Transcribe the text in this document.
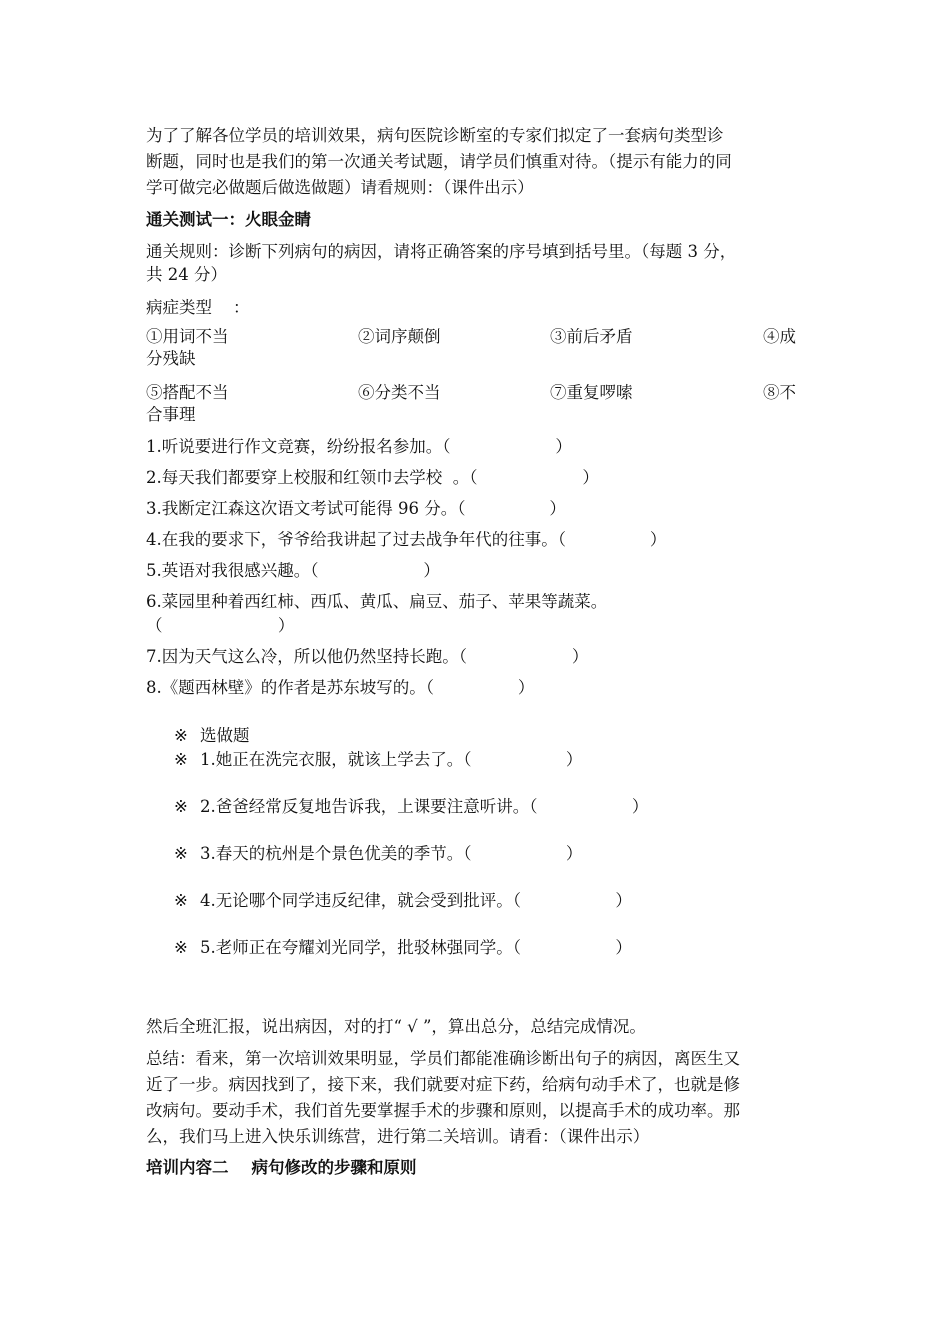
为了了解各位学员的培训效果，病句医院诊断室的专家们拟定了一套病句类型诊
断题，同时也是我们的第一次通关考试题，请学员们慎重对待。（提示有能力的同
学可做完必做题后做选做题）请看规则：（课件出示）
通关测试一：火眼金睛
通关规则：诊断下列病句的病因，请将正确答案的序号填到括号里。（每题 3 分，
共 24 分）
病症类型    ：
①用词不当	②词序颠倒	③前后矛盾	④成
分残缺
⑤搭配不当	⑥分类不当	⑦重复啰嗦	⑧不
合事理
1.听说要进行作文竞赛，纷纷报名参加。（                    ）
2.每天我们都要穿上校服和红领巾去学校  。（                    ）
3.我断定江森这次语文考试可能得 96 分。（                ）
4.在我的要求下，爷爷给我讲起了过去战争年代的往事。（                ）
5.英语对我很感兴趣。（                    ）
6.菜园里种着西红柿、西瓜、黄瓜、扁豆、茄子、苹果等蔬菜。
（                      ）
7.因为天气这么冷，所以他仍然坚持长跑。（                    ）
8.《题西林壁》的作者是苏东坡写的。（                ）
※ 选做题
※ 1.她正在洗完衣服，就该上学去了。（                  ）
※ 2.爸爸经常反复地告诉我，上课要注意听讲。（                  ）
※ 3.春天的杭州是个景色优美的季节。（                  ）
※ 4.无论哪个同学违反纪律，就会受到批评。（                  ）
※ 5.老师正在夸耀刘光同学，批驳林强同学。（                  ）
然后全班汇报，说出病因，对的打“ √ ”，算出总分，总结完成情况。
总结：看来，第一次培训效果明显，学员们都能准确诊断出句子的病因，离医生又
近了一步。病因找到了，接下来，我们就要对症下药，给病句动手术了，也就是修
改病句。要动手术，我们首先要掌握手术的步骤和原则，以提高手术的成功率。那
么，我们马上进入快乐训练营，进行第二关培训。请看：（课件出示）
培训内容二    病句修改的步骤和原则
